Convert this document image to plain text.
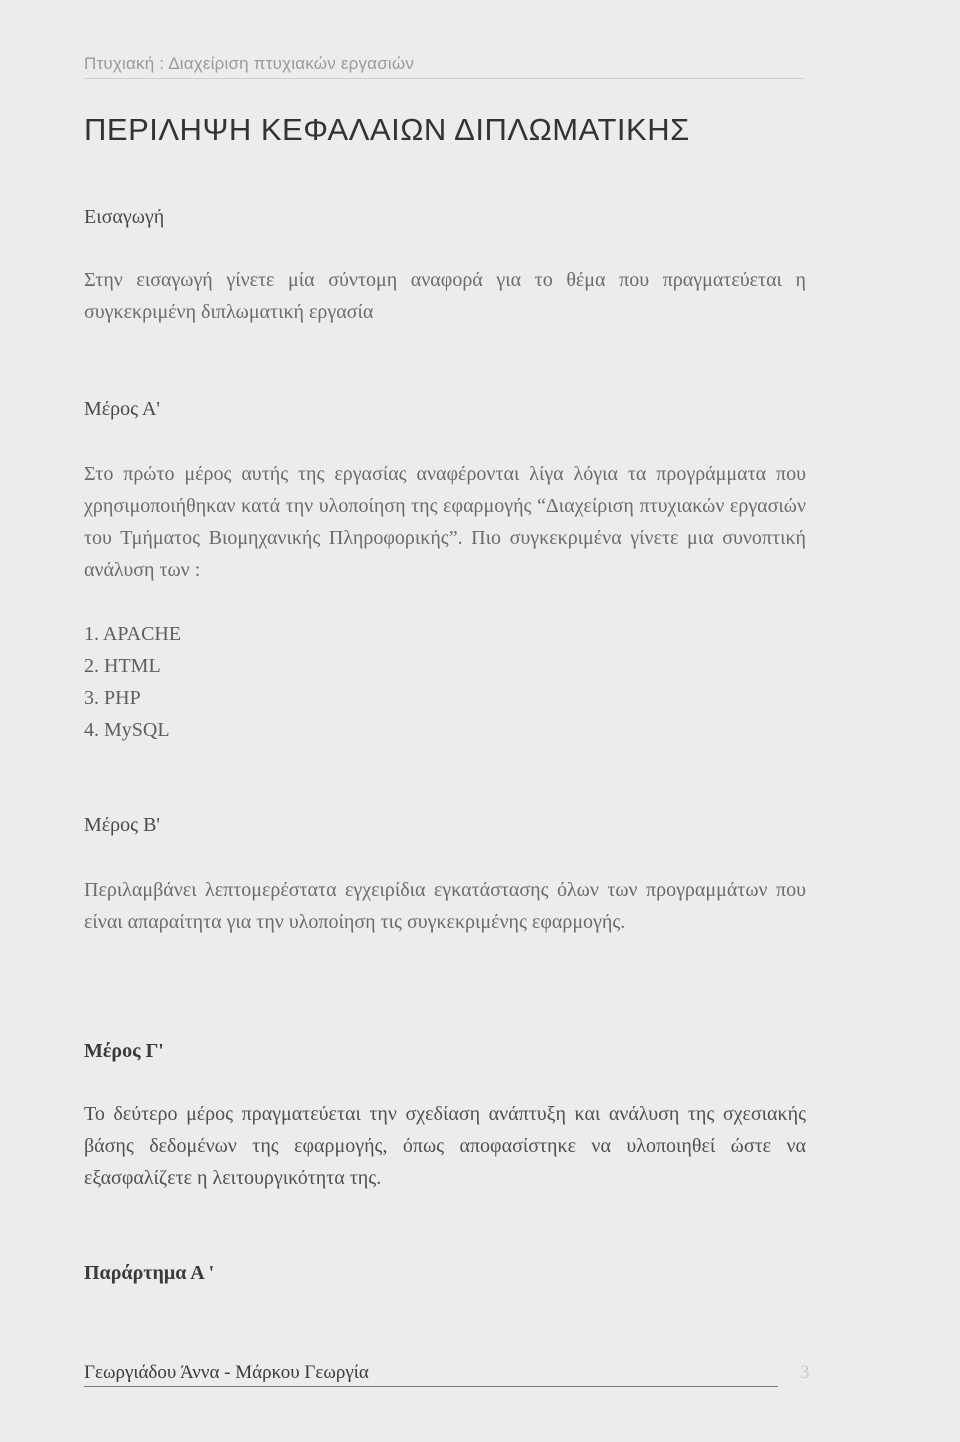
Πτυχιακή : Διαχείριση πτυχιακών εργασιών
ΠΕΡΙΛΗΨΗ ΚΕΦΑΛΑΙΩΝ ΔΙΠΛΩΜΑΤΙΚΗΣ
Εισαγωγή

Στην εισαγωγή γίνετε μία σύντομη αναφορά για το θέμα που πραγματεύεται η συγκεκριμένη διπλωματική εργασία

Μέρος Α'

Στο πρώτο μέρος αυτής της εργασίας αναφέρονται λίγα λόγια τα προγράμματα που χρησιμοποιήθηκαν κατά την υλοποίηση της εφαρμογής “Διαχείριση πτυχιακών εργασιών του Τμήματος Βιομηχανικής Πληροφορικής”. Πιο συγκεκριμένα γίνετε μια συνοπτική ανάλυση των :

1. APACHE
2. HTML
3. PHP
4. MySQL
Μέρος Β'

Περιλαμβάνει λεπτομερέστατα εγχειρίδια εγκατάστασης όλων των προγραμμάτων που είναι απαραίτητα για την υλοποίηση τις συγκεκριμένης εφαρμογής.

Μέρος Γ'

Το δεύτερο μέρος πραγματεύεται την σχεδίαση ανάπτυξη και ανάλυση της σχεσιακής βάσης δεδομένων της εφαρμογής, όπως αποφασίστηκε να υλοποιηθεί ώστε να εξασφαλίζετε η λειτουργικότητα της.

Παράρτημα Α '
Γεωργιάδου Άννα - Μάρκου Γεωργία	3
